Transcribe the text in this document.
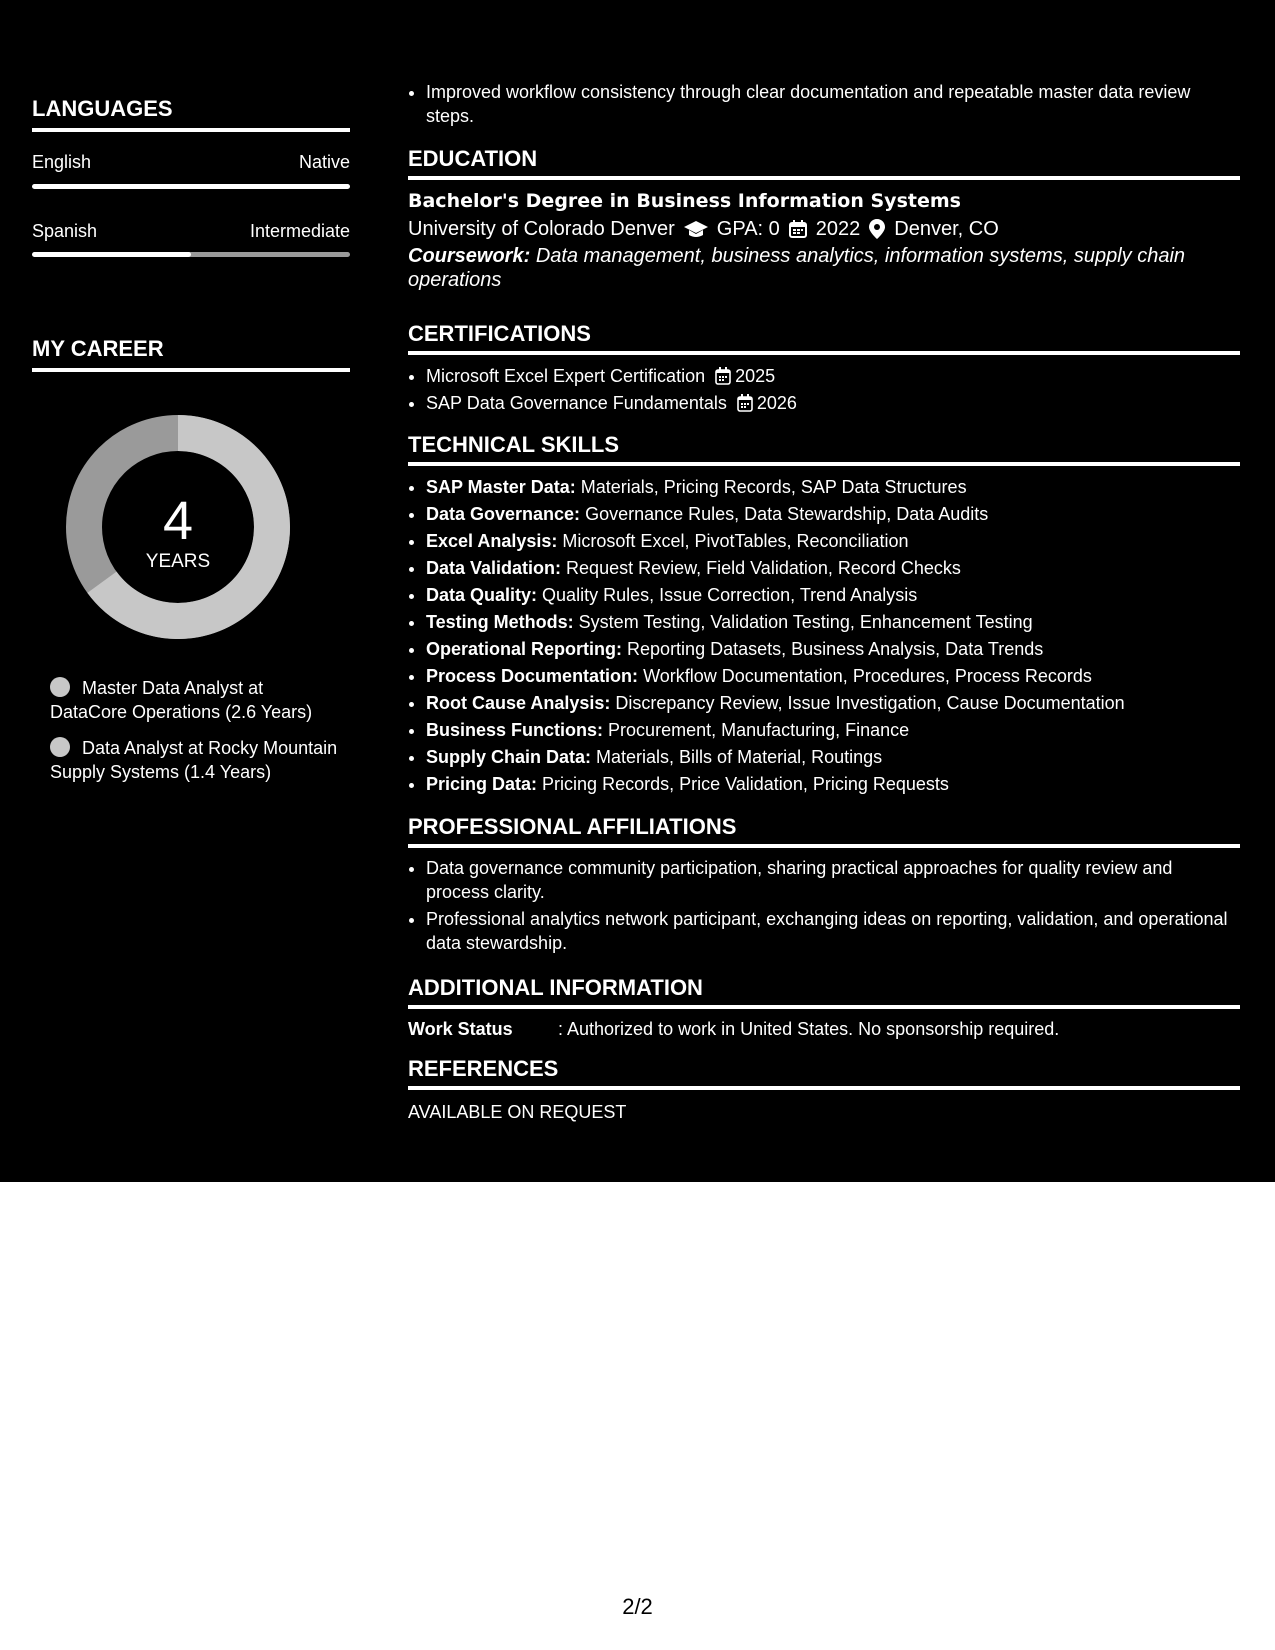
LANGUAGES
English	Native
Spanish	Intermediate
MY CAREER
4
YEARS
Master Data Analyst at DataCore Operations (2.6 Years)
Data Analyst at Rocky Mountain Supply Systems (1.4 Years)
• Improved workflow consistency through clear documentation and repeatable master data review steps.
EDUCATION
Bachelor's Degree in Business Information Systems
University of Colorado Denver GPA: 0 2022 Denver, CO
Coursework: Data management, business analytics, information systems, supply chain operations
CERTIFICATIONS
• Microsoft Excel Expert Certification 2025
• SAP Data Governance Fundamentals 2026
TECHNICAL SKILLS
• SAP Master Data: Materials, Pricing Records, SAP Data Structures
• Data Governance: Governance Rules, Data Stewardship, Data Audits
• Excel Analysis: Microsoft Excel, PivotTables, Reconciliation
• Data Validation: Request Review, Field Validation, Record Checks
• Data Quality: Quality Rules, Issue Correction, Trend Analysis
• Testing Methods: System Testing, Validation Testing, Enhancement Testing
• Operational Reporting: Reporting Datasets, Business Analysis, Data Trends
• Process Documentation: Workflow Documentation, Procedures, Process Records
• Root Cause Analysis: Discrepancy Review, Issue Investigation, Cause Documentation
• Business Functions: Procurement, Manufacturing, Finance
• Supply Chain Data: Materials, Bills of Material, Routings
• Pricing Data: Pricing Records, Price Validation, Pricing Requests
PROFESSIONAL AFFILIATIONS
• Data governance community participation, sharing practical approaches for quality review and process clarity.
• Professional analytics network participant, exchanging ideas on reporting, validation, and operational data stewardship.
ADDITIONAL INFORMATION
Work Status	: Authorized to work in United States. No sponsorship required.
REFERENCES
AVAILABLE ON REQUEST
2/2
